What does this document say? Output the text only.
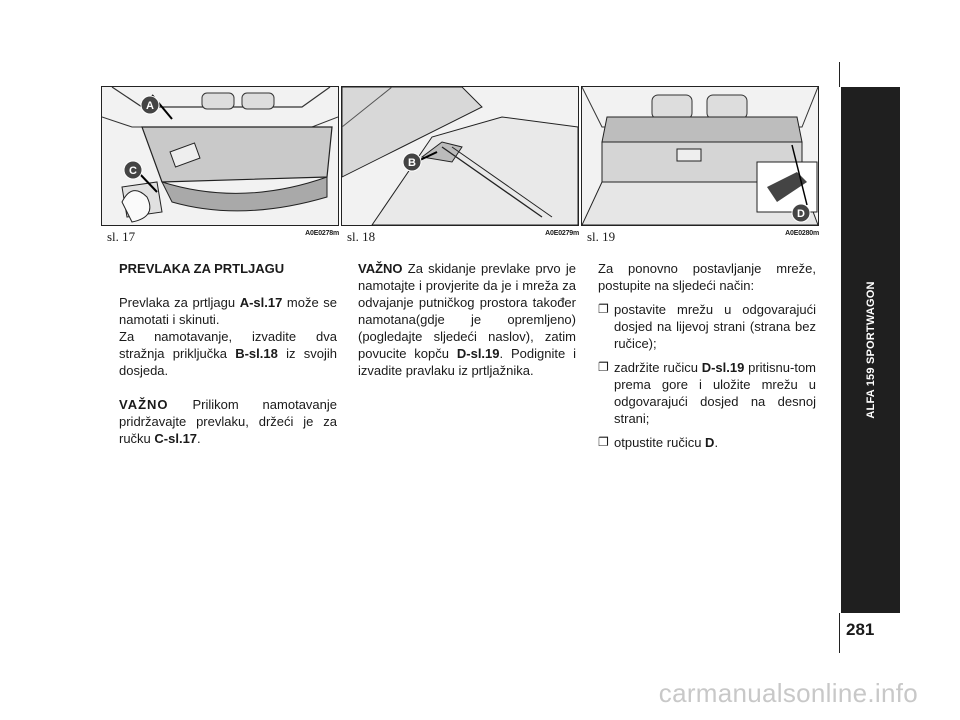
A
C
sl. 17	A0E0278m
B
sl. 18	A0E0279m
D
sl. 19	A0E0280m

PREVLAKA ZA PRTLJAGU

Prevlaka za prtljagu A-sl.17 može se namotati i skinuti.

Za namotavanje, izvadite dva stražnja priključka B-sl.18 iz svojih dosjeda.

VAŽNO Prilikom namotavanje pridržavajte prevlaku, držeći je za ručku C-sl.17.

VAŽNO Za skidanje prevlake prvo je namotajte i provjerite da je i mreža za odvajanje putničkog prostora također namotana(gdje je opremljeno) (pogledajte sljedeći naslov), zatim povucite kopču D-sl.19. Podignite i izvadite pravlaku iz prtljažnika.

Za ponovno postavljanje mreže, postupite na sljedeći način:

❐ postavite mrežu u odgovarajući dosjed na lijevoj strani (strana bez ručice);
❐ zadržite ručicu D-sl.19 pritisnu-tom prema gore i uložite mrežu u odgovarajući dosjed na desnoj strani;
❐ otpustite ručicu D.
ALFA 159 SPORTWAGON
281
carmanualsonline.info
